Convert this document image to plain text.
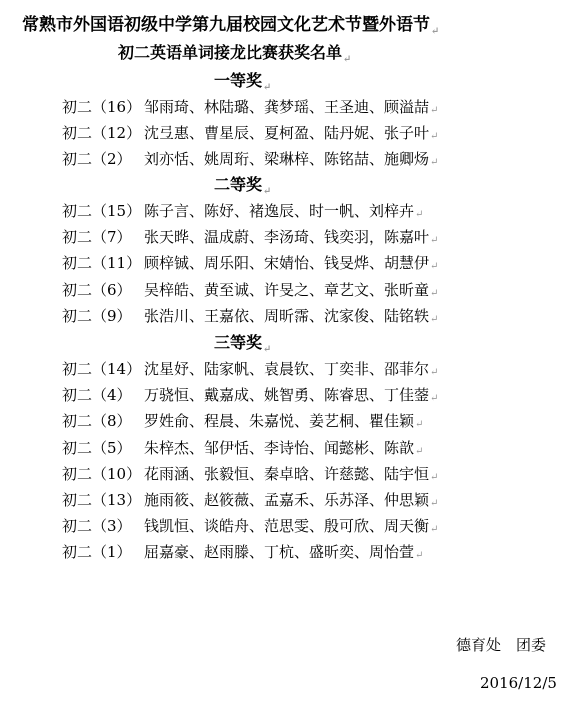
常熟市外国语初级中学第九届校园文化艺术节暨外语节$_↵$
初二英语单词接龙比赛获奖名单$_↵$
一等奖$_↵$
初二（16） 邹雨琦、林陆璐、龚梦瑶、王圣迪、顾溢喆 ↵
初二（12） 沈弖惠、曹星辰、夏柯盈、陆丹妮、张子叶 ↵
初二（2） 刘亦恬、姚周珩、梁琳梓、陈铭喆、施卿炀 ↵
二等奖$_↵$
初二（15） 陈子言、陈妤、褚逸辰、时一帆、刘梓卉 ↵
初二（7） 张天晔、温成蔚、李汤琦、钱奕羽，陈嘉叶 ↵
初二（11） 顾梓铖、周乐阳、宋婧怡、钱旻烨、胡慧伊 ↵
初二（6） 吴梓皓、黄至诚、许旻之、章艺文、张昕童 ↵
初二（9） 张浩川、王嘉依、周昕霈、沈家俊、陆铭轶 ↵
三等奖$_↵$
初二（14） 沈星妤、陆家帆、袁晨钦、丁奕非、邵菲尔 ↵
初二（4） 万骁恒、戴嘉成、姚智勇、陈睿思、丁佳蓥 ↵
初二（8） 罗姓俞、程晨、朱嘉悦、姜艺桐、瞿佳颖 ↵
初二（5） 朱梓杰、邹伊恬、李诗怡、闻懿彬、陈歆 ↵
初二（10） 花雨涵、张毅恒、秦卓晗、许慈懿、陆宇恒 ↵
初二（13） 施雨筱、赵筱薇、孟嘉禾、乐苏泽、仲思颖 ↵
初二（3） 钱凯恒、谈皓舟、范思雯、殷可欣、周天衡 ↵
初二（1） 屈嘉豪、赵雨滕、丁杭、盛昕奕、周怡萱 ↵
德育处　团委
2016/12/5
